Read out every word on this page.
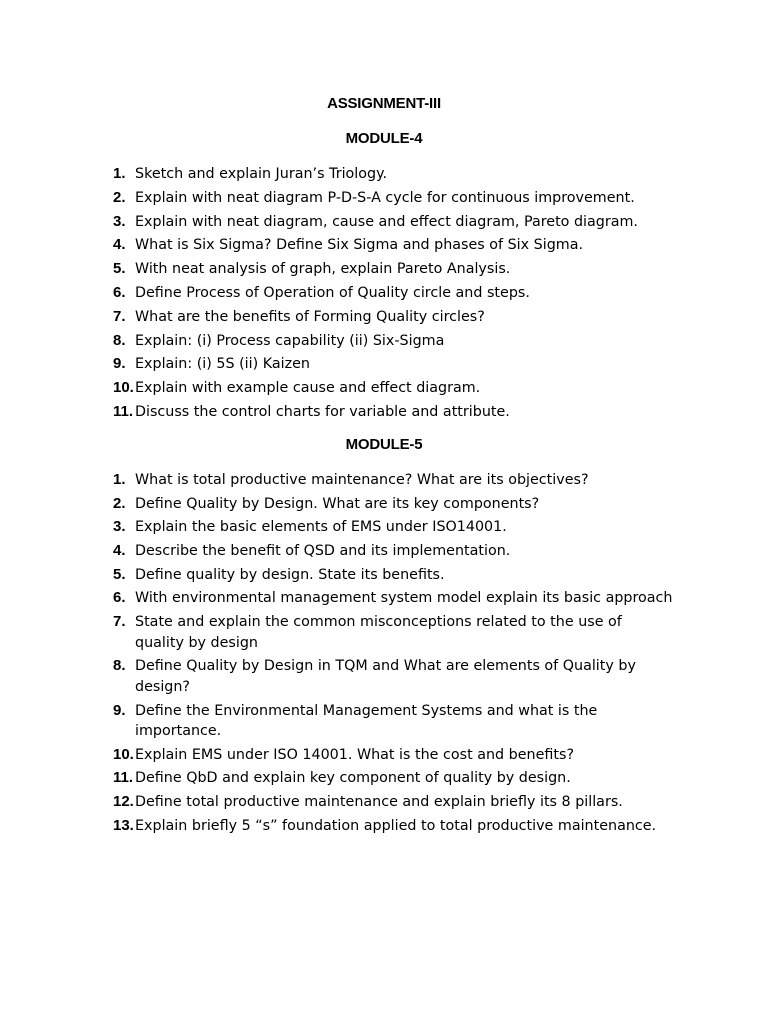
ASSIGNMENT-III
MODULE-4
1. Sketch and explain Juran’s Triology.
2. Explain with neat diagram P-D-S-A cycle for continuous improvement.
3. Explain with neat diagram, cause and effect diagram, Pareto diagram.
4. What is Six Sigma? Define Six Sigma and phases of Six Sigma.
5. With neat analysis of graph, explain Pareto Analysis.
6. Define Process of Operation of Quality circle and steps.
7. What are the benefits of Forming Quality circles?
8. Explain: (i) Process capability (ii) Six-Sigma
9. Explain: (i) 5S (ii) Kaizen
10. Explain with example cause and effect diagram.
11. Discuss the control charts for variable and attribute.
MODULE-5
1. What is total productive maintenance? What are its objectives?
2. Define Quality by Design. What are its key components?
3. Explain the basic elements of EMS under ISO14001.
4. Describe the benefit of QSD and its implementation.
5. Define quality by design. State its benefits.
6. With environmental management system model explain its basic approach
7. State and explain the common misconceptions related to the use of quality by design
8. Define Quality by Design in TQM and What are elements of Quality by design?
9. Define the Environmental Management Systems and what is the importance.
10. Explain EMS under ISO 14001. What is the cost and benefits?
11. Define QbD and explain key component of quality by design.
12. Define total productive maintenance and explain briefly its 8 pillars.
13. Explain briefly 5 “s” foundation applied to total productive maintenance.
